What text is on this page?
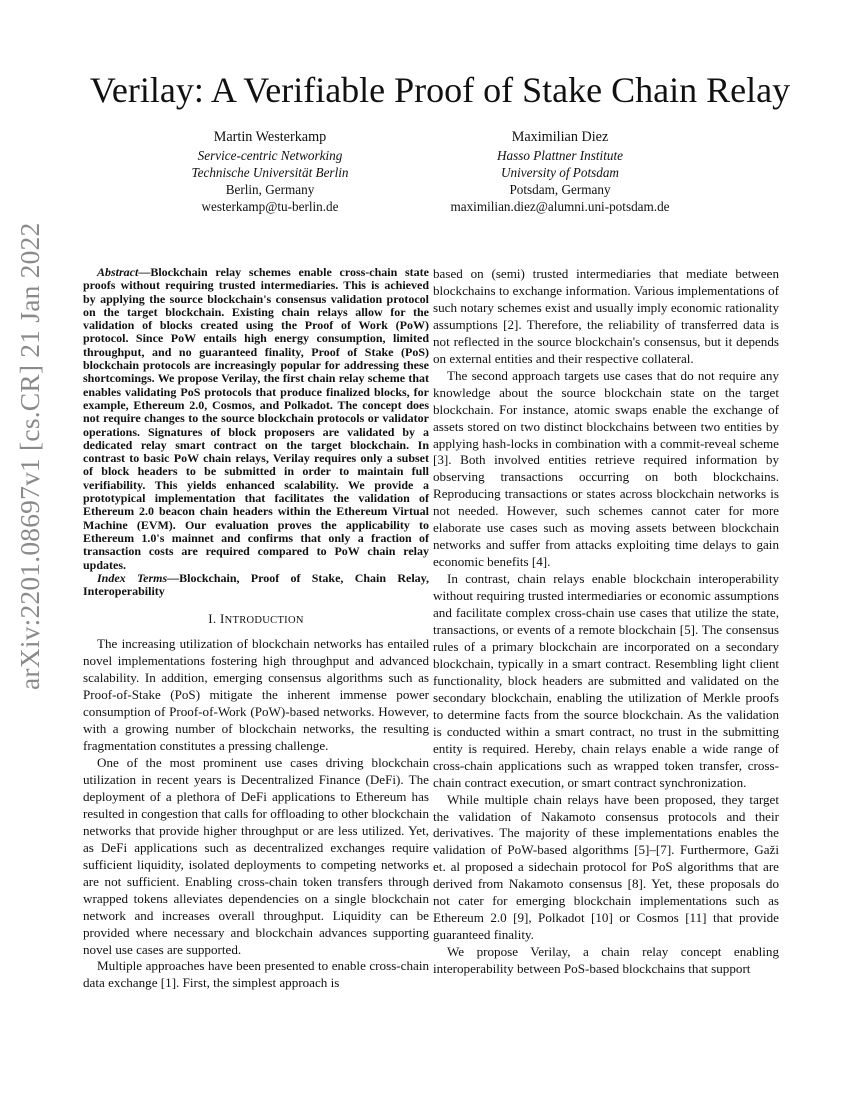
arXiv:2201.08697v1 [cs.CR] 21 Jan 2022
Verilay: A Verifiable Proof of Stake Chain Relay
Martin Westerkamp
Service-centric Networking
Technische Universität Berlin
Berlin, Germany
westerkamp@tu-berlin.de
Maximilian Diez
Hasso Plattner Institute
University of Potsdam
Potsdam, Germany
maximilian.diez@alumni.uni-potsdam.de

Abstract—Blockchain relay schemes enable cross-chain state proofs without requiring trusted intermediaries. This is achieved by applying the source blockchain's consensus validation protocol on the target blockchain. Existing chain relays allow for the validation of blocks created using the Proof of Work (PoW) protocol. Since PoW entails high energy consumption, limited throughput, and no guaranteed finality, Proof of Stake (PoS) blockchain protocols are increasingly popular for addressing these shortcomings. We propose Verilay, the first chain relay scheme that enables validating PoS protocols that produce finalized blocks, for example, Ethereum 2.0, Cosmos, and Polkadot. The concept does not require changes to the source blockchain protocols or validator operations. Signatures of block proposers are validated by a dedicated relay smart contract on the target blockchain. In contrast to basic PoW chain relays, Verilay requires only a subset of block headers to be submitted in order to maintain full verifiability. This yields enhanced scalability. We provide a prototypical implementation that facilitates the validation of Ethereum 2.0 beacon chain headers within the Ethereum Virtual Machine (EVM). Our evaluation proves the applicability to Ethereum 1.0's mainnet and confirms that only a fraction of transaction costs are required compared to PoW chain relay updates.

Index Terms—Blockchain, Proof of Stake, Chain Relay, Interoperability

I. INTRODUCTION

The increasing utilization of blockchain networks has entailed novel implementations fostering high throughput and advanced scalability. In addition, emerging consensus algorithms such as Proof-of-Stake (PoS) mitigate the inherent immense power consumption of Proof-of-Work (PoW)-based networks. However, with a growing number of blockchain networks, the resulting fragmentation constitutes a pressing challenge.

One of the most prominent use cases driving blockchain utilization in recent years is Decentralized Finance (DeFi). The deployment of a plethora of DeFi applications to Ethereum has resulted in congestion that calls for offloading to other blockchain networks that provide higher throughput or are less utilized. Yet, as DeFi applications such as decentralized exchanges require sufficient liquidity, isolated deployments to competing networks are not sufficient. Enabling cross-chain token transfers through wrapped tokens alleviates dependencies on a single blockchain network and increases overall throughput. Liquidity can be provided where necessary and blockchain advances supporting novel use cases are supported.

Multiple approaches have been presented to enable cross-chain data exchange [1]. First, the simplest approach is

based on (semi) trusted intermediaries that mediate between blockchains to exchange information. Various implementations of such notary schemes exist and usually imply economic rationality assumptions [2]. Therefore, the reliability of transferred data is not reflected in the source blockchain's consensus, but it depends on external entities and their respective collateral.

The second approach targets use cases that do not require any knowledge about the source blockchain state on the target blockchain. For instance, atomic swaps enable the exchange of assets stored on two distinct blockchains between two entities by applying hash-locks in combination with a commit-reveal scheme [3]. Both involved entities retrieve required information by observing transactions occurring on both blockchains. Reproducing transactions or states across blockchain networks is not needed. However, such schemes cannot cater for more elaborate use cases such as moving assets between blockchain networks and suffer from attacks exploiting time delays to gain economic benefits [4].

In contrast, chain relays enable blockchain interoperability without requiring trusted intermediaries or economic assumptions and facilitate complex cross-chain use cases that utilize the state, transactions, or events of a remote blockchain [5]. The consensus rules of a primary blockchain are incorporated on a secondary blockchain, typically in a smart contract. Resembling light client functionality, block headers are submitted and validated on the secondary blockchain, enabling the utilization of Merkle proofs to determine facts from the source blockchain. As the validation is conducted within a smart contract, no trust in the submitting entity is required. Hereby, chain relays enable a wide range of cross-chain applications such as wrapped token transfer, cross-chain contract execution, or smart contract synchronization.

While multiple chain relays have been proposed, they target the validation of Nakamoto consensus protocols and their derivatives. The majority of these implementations enables the validation of PoW-based algorithms [5]–[7]. Furthermore, Gaži et. al proposed a sidechain protocol for PoS algorithms that are derived from Nakamoto consensus [8]. Yet, these proposals do not cater for emerging blockchain implementations such as Ethereum 2.0 [9], Polkadot [10] or Cosmos [11] that provide guaranteed finality.

We propose Verilay, a chain relay concept enabling interoperability between PoS-based blockchains that support
